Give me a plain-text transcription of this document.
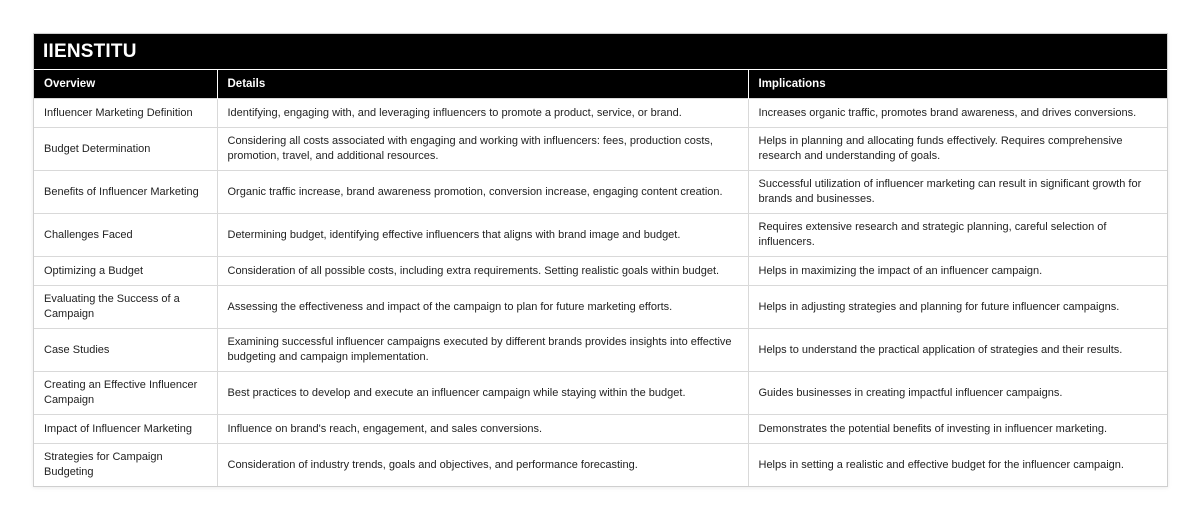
IIENSTITU
Overview	Details	Implications
Influencer Marketing Definition	Identifying, engaging with, and leveraging influencers to promote a product, service, or brand.	Increases organic traffic, promotes brand awareness, and drives conversions.
Budget Determination	Considering all costs associated with engaging and working with influencers: fees, production costs, promotion, travel, and additional resources.	Helps in planning and allocating funds effectively. Requires comprehensive research and understanding of goals.
Benefits of Influencer Marketing	Organic traffic increase, brand awareness promotion, conversion increase, engaging content creation.	Successful utilization of influencer marketing can result in significant growth for brands and businesses.
Challenges Faced	Determining budget, identifying effective influencers that aligns with brand image and budget.	Requires extensive research and strategic planning, careful selection of influencers.
Optimizing a Budget	Consideration of all possible costs, including extra requirements. Setting realistic goals within budget.	Helps in maximizing the impact of an influencer campaign.
Evaluating the Success of a Campaign	Assessing the effectiveness and impact of the campaign to plan for future marketing efforts.	Helps in adjusting strategies and planning for future influencer campaigns.
Case Studies	Examining successful influencer campaigns executed by different brands provides insights into effective budgeting and campaign implementation.	Helps to understand the practical application of strategies and their results.
Creating an Effective Influencer Campaign	Best practices to develop and execute an influencer campaign while staying within the budget.	Guides businesses in creating impactful influencer campaigns.
Impact of Influencer Marketing	Influence on brand's reach, engagement, and sales conversions.	Demonstrates the potential benefits of investing in influencer marketing.
Strategies for Campaign Budgeting	Consideration of industry trends, goals and objectives, and performance forecasting.	Helps in setting a realistic and effective budget for the influencer campaign.
